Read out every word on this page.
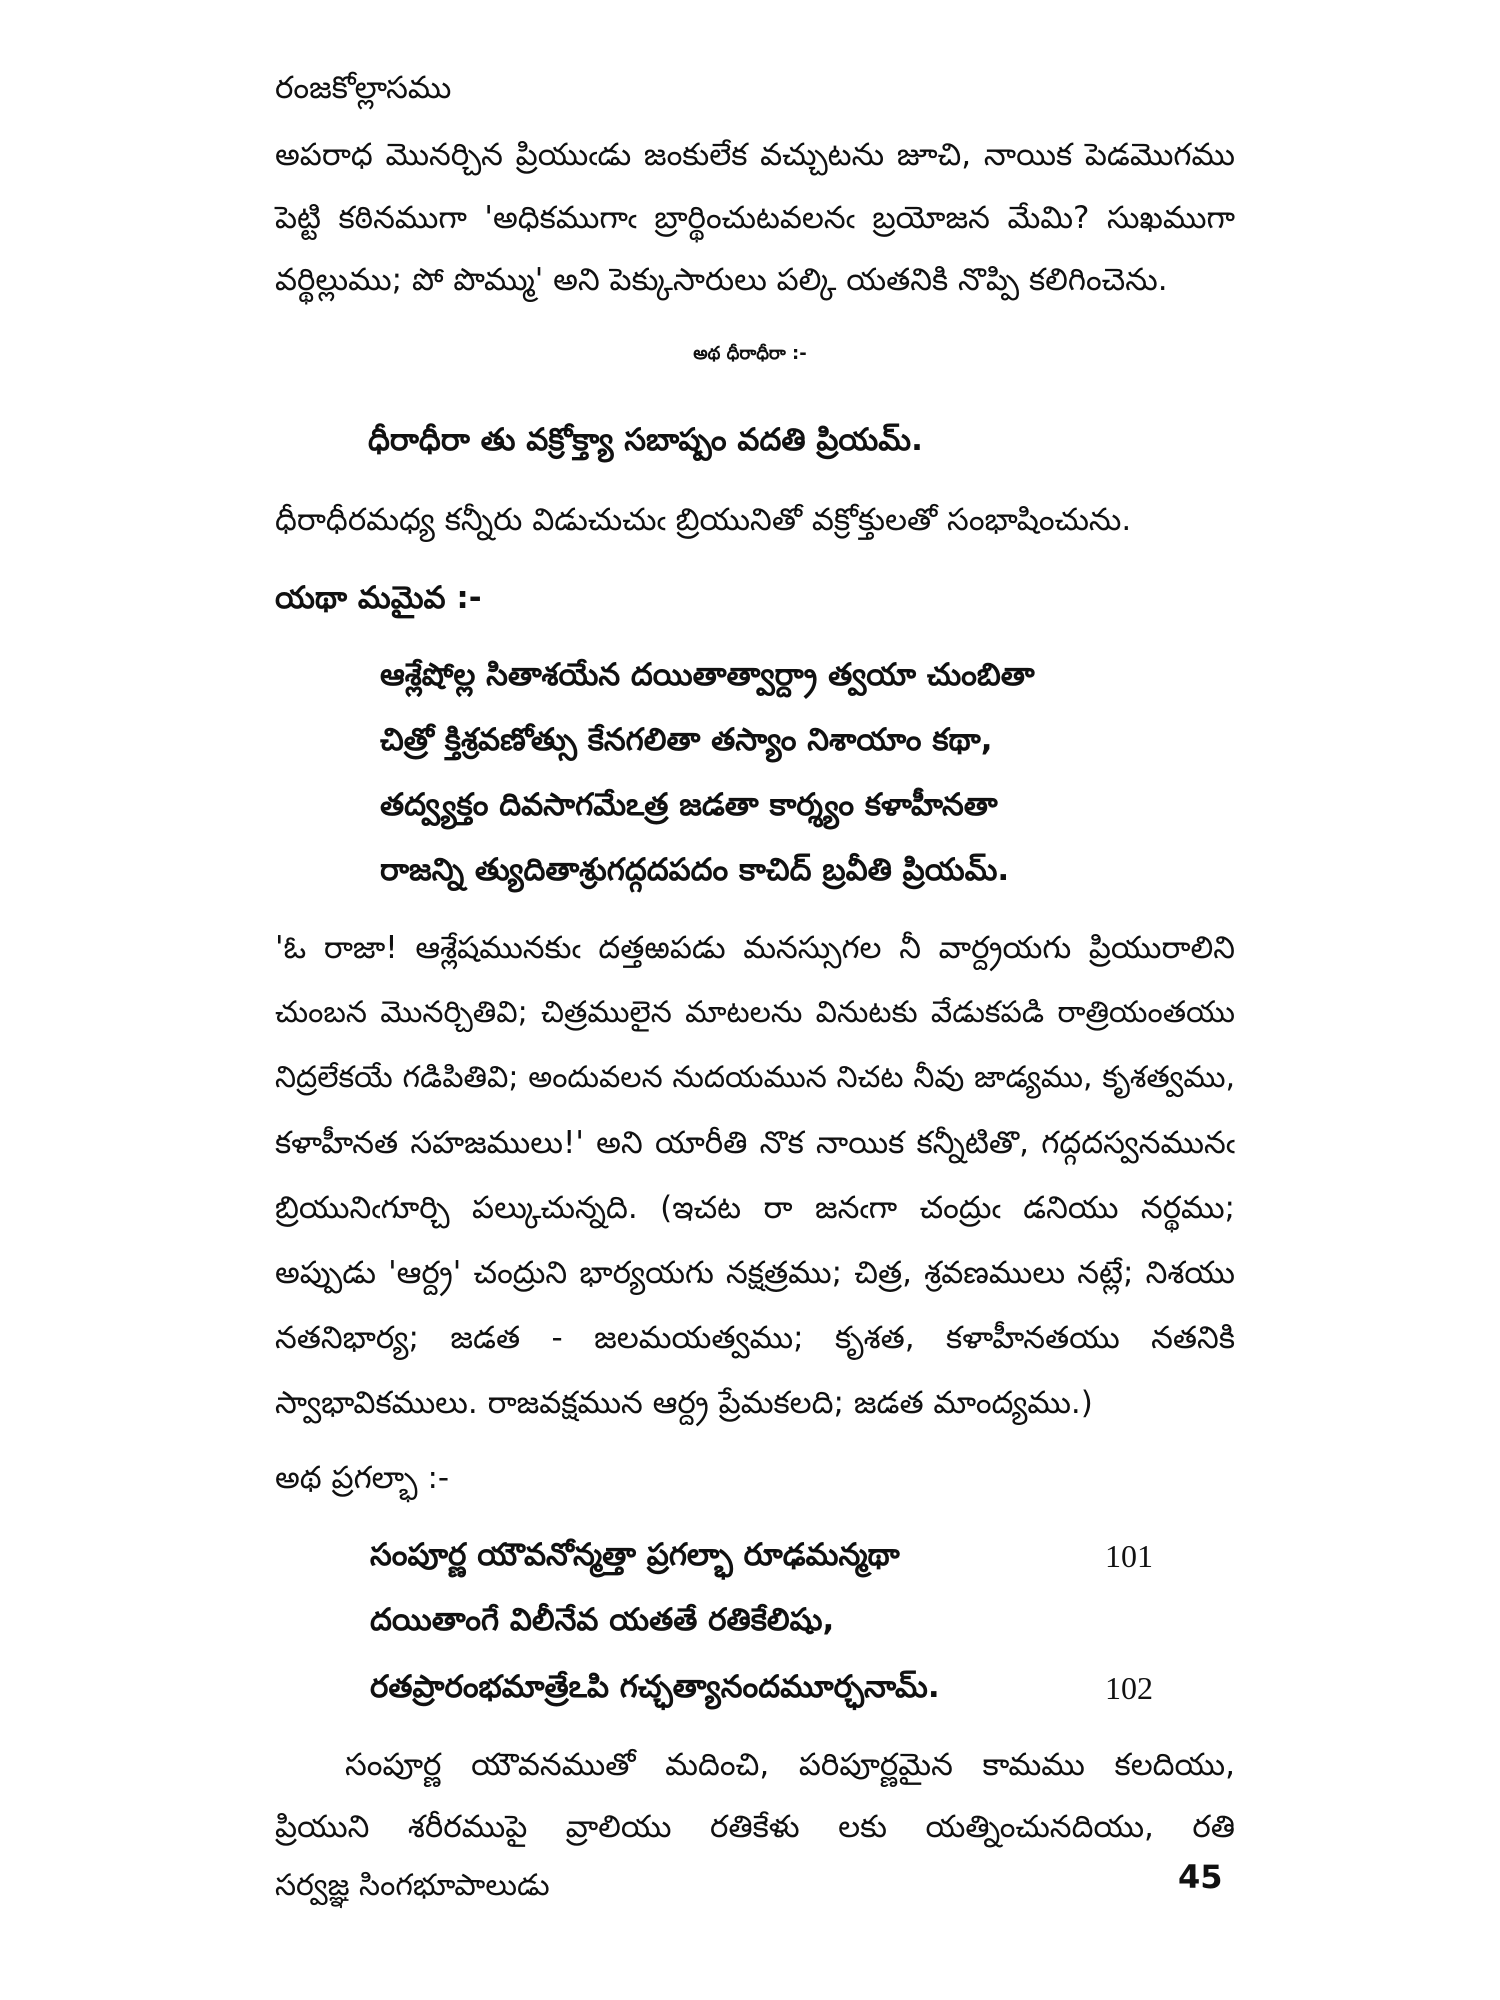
రంజకోల్లాసము
అపరాధ మొనర్చిన ప్రియుఁడు జంకులేక వచ్చుటను జూచి, నాయిక పెడమొగము
పెట్టి కఠినముగా 'అధికముగాఁ బ్రార్థించుటవలనఁ బ్రయోజన మేమి? సుఖముగా
వర్థిల్లుము; పో పొమ్ము' అని పెక్కుసారులు పల్కి యతనికి నొప్పి కలిగించెను.
అథ ధీరాధీరా :-
ధీరాధీరా తు వక్రోక్త్యా సబాష్పం వదతి ప్రియమ్.
ధీరాధీరమధ్య కన్నీరు విడుచుచుఁ బ్రియునితో వక్రోక్తులతో సంభాషించును.
యథా మమైవ :-
ఆశ్లేషోల్ల సితాశయేన దయితాత్వార్ద్రా త్వయా చుంబితా
చిత్రో క్తిశ్రవణోత్సు కేనగలితా తస్యాం నిశాయాం కథా,
తద్వ్యక్తం దివసాగమేఽత్ర జడతా కార్శ్యం కళాహీనతా
రాజన్ని త్యుదితాశ్రుగద్గదపదం కాచిద్ బ్రవీతి ప్రియమ్.
'ఓ రాజా! ఆశ్లేషమునకుఁ దత్తఱపడు మనస్సుగల నీ వార్ద్రయగు ప్రియురాలిని
చుంబన మొనర్చితివి; చిత్రములైన మాటలను వినుటకు వేడుకపడి రాత్రియంతయు
నిద్రలేకయే గడిపితివి; అందువలన నుదయమున నిచట నీవు జాడ్యము, కృశత్వము,
కళాహీనత సహజములు!' అని యారీతి నొక నాయిక కన్నీటితొ, గద్గదస్వనమునఁ
బ్రియునిఁగూర్చి పల్కుచున్నది. (ఇచట రా జనఁగా చంద్రుఁ డనియు నర్థము;
అప్పుడు 'ఆర్ద్ర' చంద్రుని భార్యయగు నక్షత్రము; చిత్ర, శ్రవణములు నట్లే; నిశయు
నతనిభార్య; జడత - జలమయత్వము; కృశత, కళాహీనతయు నతనికి
స్వాభావికములు. రాజవక్షమున ఆర్ద్ర ప్రేమకలది; జడత మాంద్యము.)
అథ ప్రగల్భా :-
సంపూర్ణ యౌవనోన్మత్తా ప్రగల్భా రూఢమన్మథా	101
దయితాంగే విలీనేవ యతతే రతికేలిషు,
రతప్రారంభమాత్రేఽపి గచ్ఛత్యానందమూర్ఛనామ్.	102
సంపూర్ణ యౌవనముతో మదించి, పరిపూర్ణమైన కామము కలదియు,
ప్రియుని శరీరముపై వ్రాలియు రతికేళు లకు యత్నించునదియు, రతి
సర్వజ్ఞ సింగభూపాలుడు	45
